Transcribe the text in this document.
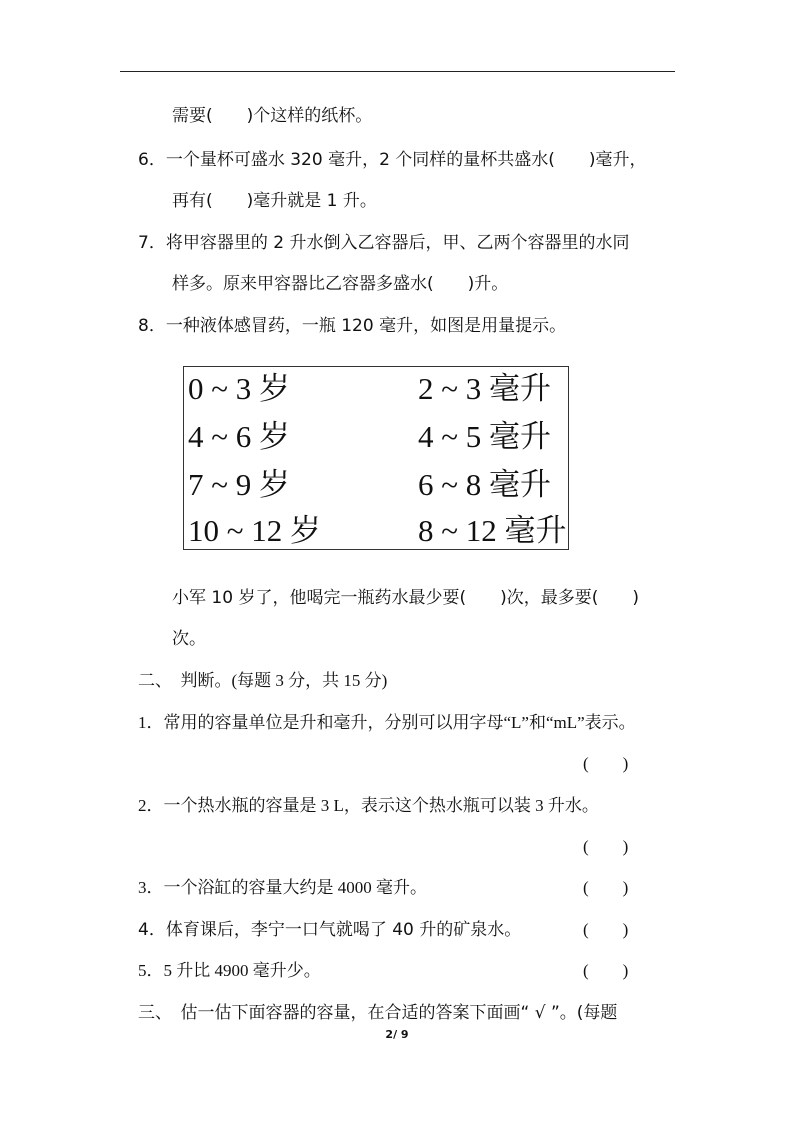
需要(　　)个这样的纸杯。
6．一个量杯可盛水 320 毫升，2 个同样的量杯共盛水(　　)毫升，
再有(　　)毫升就是 1 升。
7．将甲容器里的 2 升水倒入乙容器后，甲、乙两个容器里的水同
样多。原来甲容器比乙容器多盛水(　　)升。
8．一种液体感冒药，一瓶 120 毫升，如图是用量提示。
0 ~ 3 岁	2 ~ 3 毫升
4 ~ 6 岁	4 ~ 5 毫升
7 ~ 9 岁	6 ~ 8 毫升
10 ~ 12 岁	8 ~ 12 毫升
小军 10 岁了，他喝完一瓶药水最少要(　　)次，最多要(　　)
次。
二、　判断。(每题 3 分，共 15 分)
1．常用的容量单位是升和毫升，分别可以用字母“L”和“mL”表示。
(　　)
2．一个热水瓶的容量是 3 L，表示这个热水瓶可以装 3 升水。
(　　)
3．一个浴缸的容量大约是 4000 毫升。	(　　)
4．体育课后，李宁一口气就喝了 40 升的矿泉水。	(　　)
5．5 升比 4900 毫升少。	(　　)
三、　估一估下面容器的容量，在合适的答案下面画“ √ ”。(每题
2/ 9
